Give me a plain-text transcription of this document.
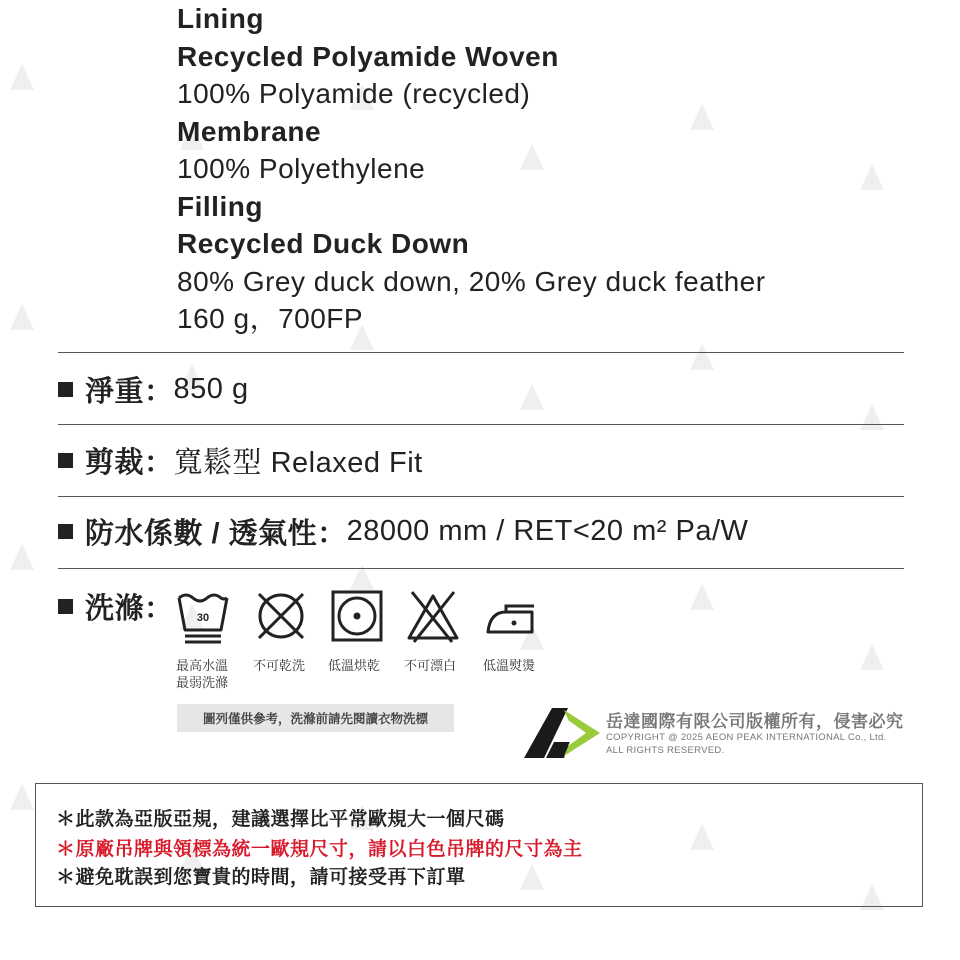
Lining
Recycled Polyamide Woven
100% Polyamide (recycled)
Membrane
100% Polyethylene
Filling
Recycled Duck Down
80% Grey duck down, 20% Grey duck feather
160 g，700FP
淨重： 850 g
剪裁： 寬鬆型 Relaxed Fit
防水係數 / 透氣性： 28000 mm / RET<20 m² Pa/W
洗滌： 30
最高水溫
最弱洗滌
不可乾洗 低溫烘乾 不可漂白 低溫熨燙
圖列僅供參考，洗滌前請先閱讀衣物洗標	岳達國際有限公司版權所有，侵害必究
COPYRIGHT @ 2025 AEON PEAK INTERNATIONAL Co., Ltd.
ALL RIGHTS RESERVED.
＊此款為亞版亞規，建議選擇比平常歐規大一個尺碼
＊原廠吊牌與領標為統一歐規尺寸，請以白色吊牌的尺寸為主
＊避免耽誤到您寶貴的時間，請可接受再下訂單
